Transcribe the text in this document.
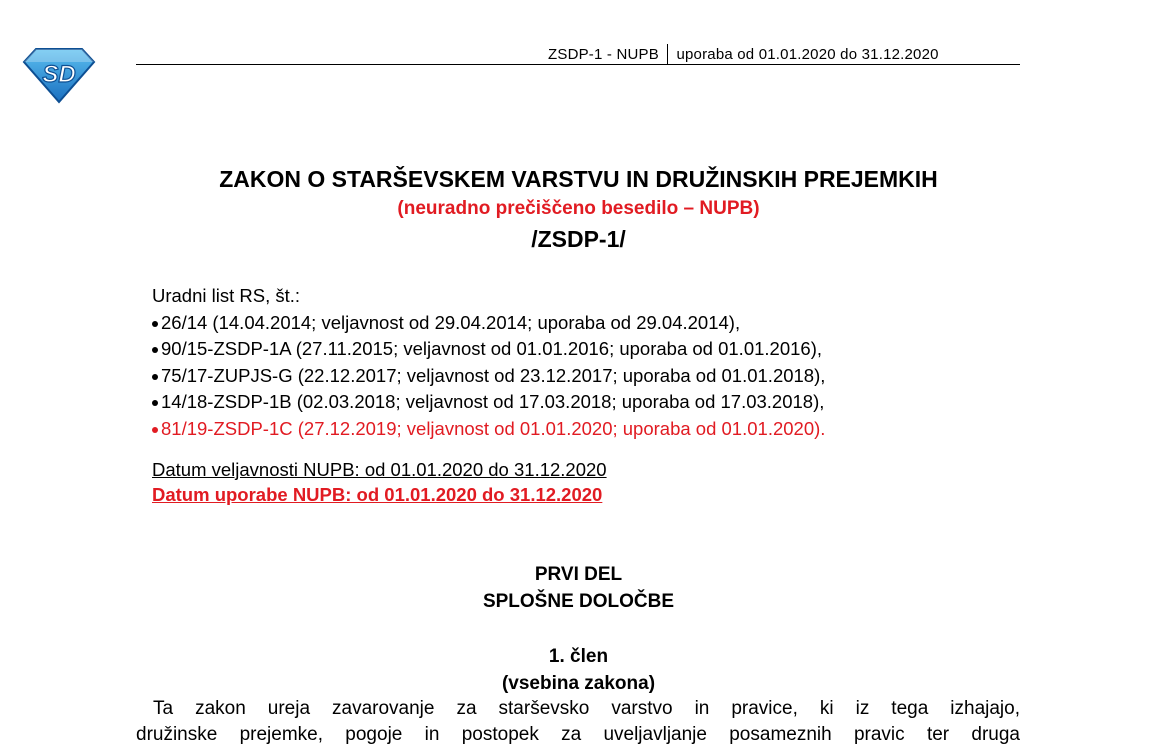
SD
ZSDP-1 - NUPB uporaba od 01.01.2020 do 31.12.2020
ZAKON O STARŠEVSKEM VARSTVU IN DRUŽINSKIH PREJEMKIH
(neuradno prečiščeno besedilo – NUPB)
/ZSDP-1/
Uradni list RS, št.:
26/14 (14.04.2014; veljavnost od 29.04.2014; uporaba od 29.04.2014),
90/15-ZSDP-1A (27.11.2015; veljavnost od 01.01.2016; uporaba od 01.01.2016),
75/17-ZUPJS-G (22.12.2017; veljavnost od 23.12.2017; uporaba od 01.01.2018),
14/18-ZSDP-1B (02.03.2018; veljavnost od 17.03.2018; uporaba od 17.03.2018),
81/19-ZSDP-1C (27.12.2019; veljavnost od 01.01.2020; uporaba od 01.01.2020).
Datum veljavnosti NUPB: od 01.01.2020 do 31.12.2020
Datum uporabe NUPB: od 01.01.2020 do 31.12.2020
PRVI DEL
SPLOŠNE DOLOČBE
1. člen
(vsebina zakona)
Ta zakon ureja zavarovanje za starševsko varstvo in pravice, ki iz tega izhajajo,
družinske prejemke, pogoje in postopek za uveljavljanje posameznih pravic ter druga
